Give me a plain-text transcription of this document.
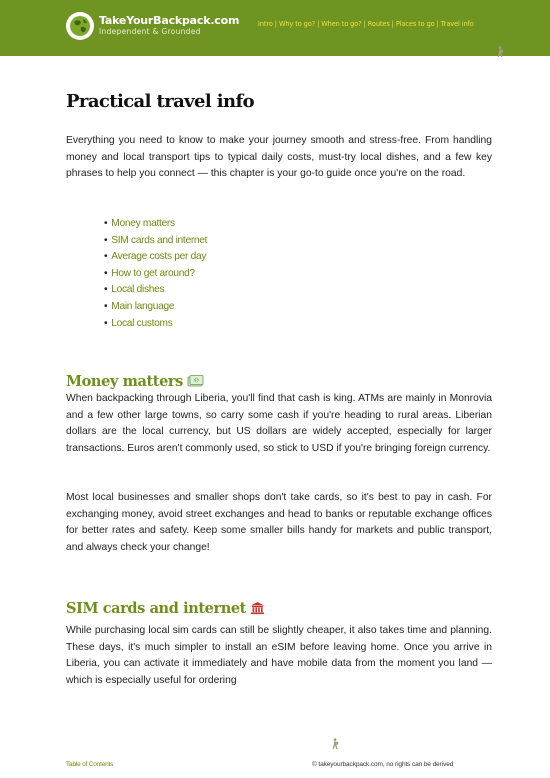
TakeYourBackpack.com
Independent & Grounded
Intro | Why to go? | When to go? | Routes | Places to go | Travel info
Practical travel info

Everything you need to know to make your journey smooth and stress-free. From handling money and local transport tips to typical daily costs, must-try local dishes, and a few key phrases to help you connect — this chapter is your go-to guide once you're on the road.

• Money matters
• SIM cards and internet
• Average costs per day
• How to get around?
• Local dishes
• Main language
• Local customs
Money matters	$

When backpacking through Liberia, you'll find that cash is king. ATMs are mainly in Monrovia and a few other large towns, so carry some cash if you're heading to rural areas. Liberian dollars are the local currency, but US dollars are widely accepted, especially for larger transactions. Euros aren't commonly used, so stick to USD if you're bringing foreign currency.

Most local businesses and smaller shops don't take cards, so it's best to pay in cash. For exchanging money, avoid street exchanges and head to banks or reputable exchange offices for better rates and safety. Keep some smaller bills handy for markets and public transport, and always check your change!

SIM cards and internet

While purchasing local sim cards can still be slightly cheaper, it also takes time and planning. These days, it's much simpler to install an eSIM before leaving home. Once you arrive in Liberia, you can activate it immediately and have mobile data from the moment you land — which is especially useful for ordering

Table of Contents	© takeyourbackpack.com, no rights can be derived
